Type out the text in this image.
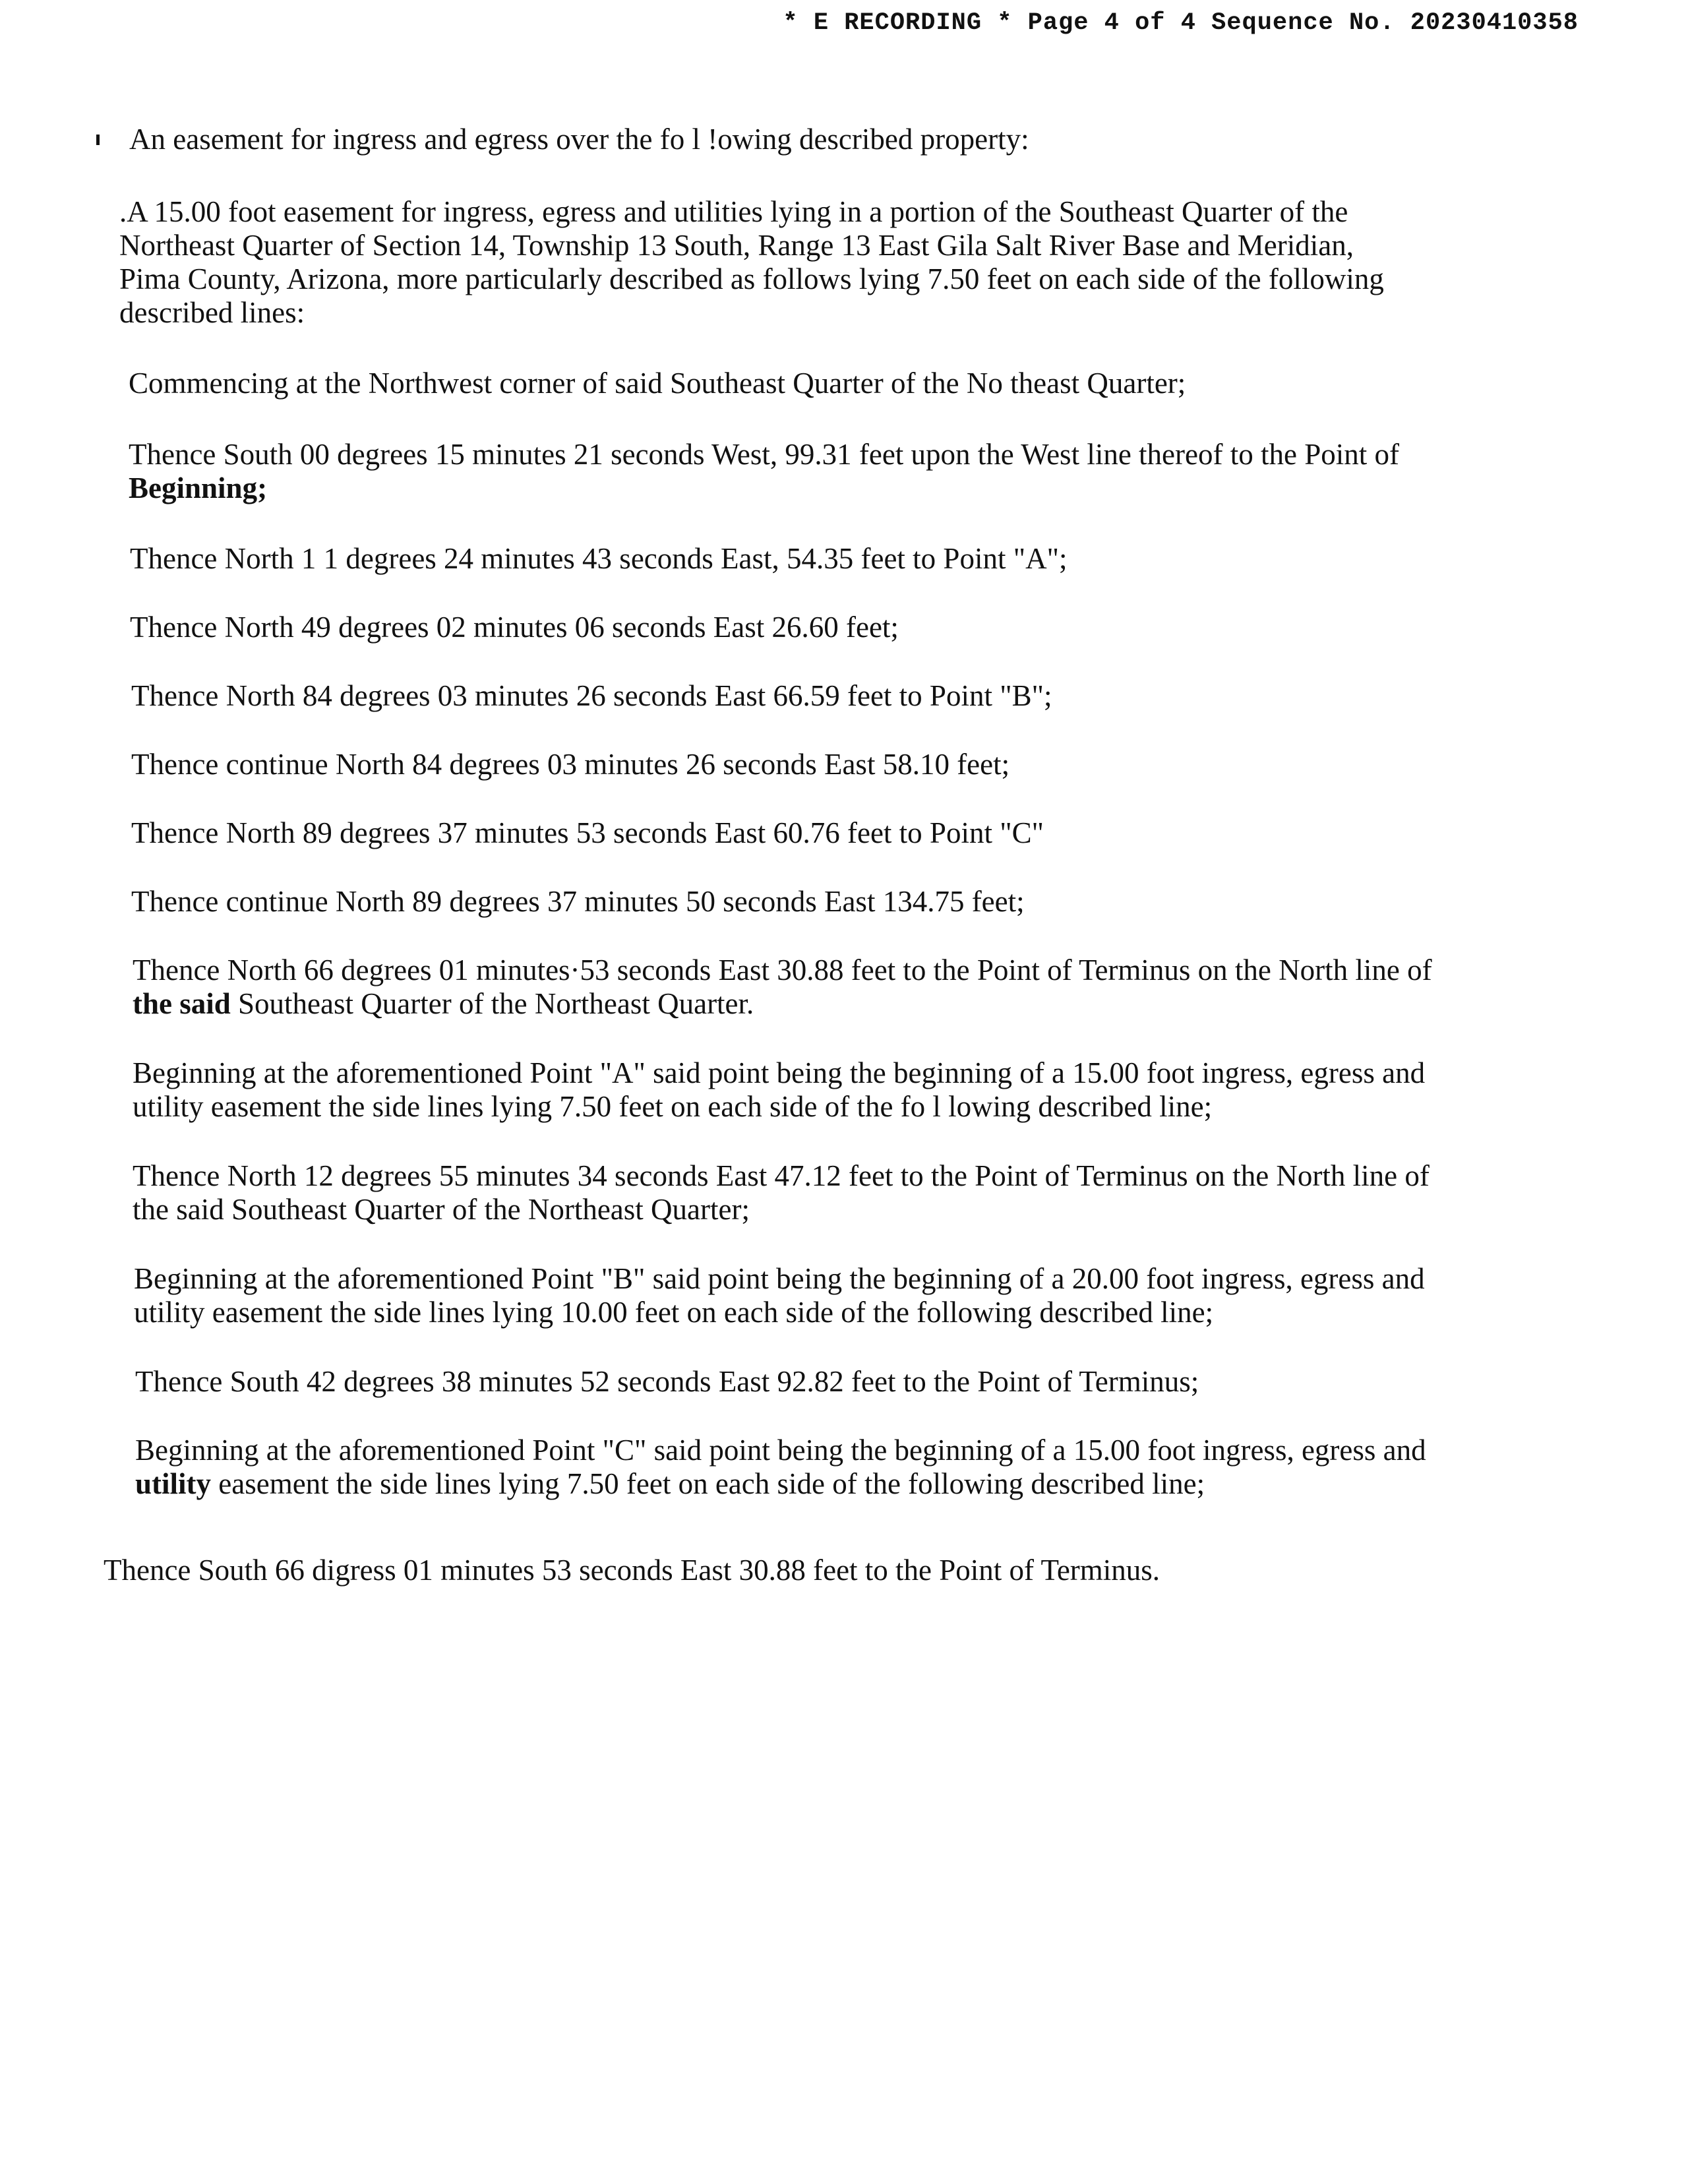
* E RECORDING * Page 4 of 4 Sequence No. 20230410358
An easement for ingress and egress over the fo l !owing described property:
.A 15.00 foot easement for ingress, egress and utilities lying in a portion of the Southeast Quarter of the
Northeast Quarter of Section 14, Township 13 South, Range 13 East Gila Salt River Base and Meridian,
Pima County, Arizona, more particularly described as follows lying 7.50 feet on each side of the following
described lines:
Commencing at the Northwest corner of said Southeast Quarter of the No theast Quarter;
Thence South 00 degrees 15 minutes 21 seconds West, 99.31 feet upon the West line thereof to the Point of
Beginning;
Thence North 1 1 degrees 24 minutes 43 seconds East, 54.35 feet to Point "A";
Thence North 49 degrees 02 minutes 06 seconds East 26.60 feet;
Thence North 84 degrees 03 minutes 26 seconds East 66.59 feet to Point "B";
Thence continue North 84 degrees 03 minutes 26 seconds East 58.10 feet;
Thence North 89 degrees 37 minutes 53 seconds East 60.76 feet to Point "C"
Thence continue North 89 degrees 37 minutes 50 seconds East 134.75 feet;
Thence North 66 degrees 01 minutes·53 seconds East 30.88 feet to the Point of Terminus on the North line of
the said Southeast Quarter of the Northeast Quarter.
Beginning at the aforementioned Point "A" said point being the beginning of a 15.00 foot ingress, egress and
utility easement the side lines lying 7.50 feet on each side of the fo l lowing described line;
Thence North 12 degrees 55 minutes 34 seconds East 47.12 feet to the Point of Terminus on the North line of
the said Southeast Quarter of the Northeast Quarter;
Beginning at the aforementioned Point "B" said point being the beginning of a 20.00 foot ingress, egress and
utility easement the side lines lying 10.00 feet on each side of the following described line;
Thence South 42 degrees 38 minutes 52 seconds East 92.82 feet to the Point of Terminus;
Beginning at the aforementioned Point "C" said point being the beginning of a 15.00 foot ingress, egress and
utility easement the side lines lying 7.50 feet on each side of the following described line;
Thence South 66 digress 01 minutes 53 seconds East 30.88 feet to the Point of Terminus.
